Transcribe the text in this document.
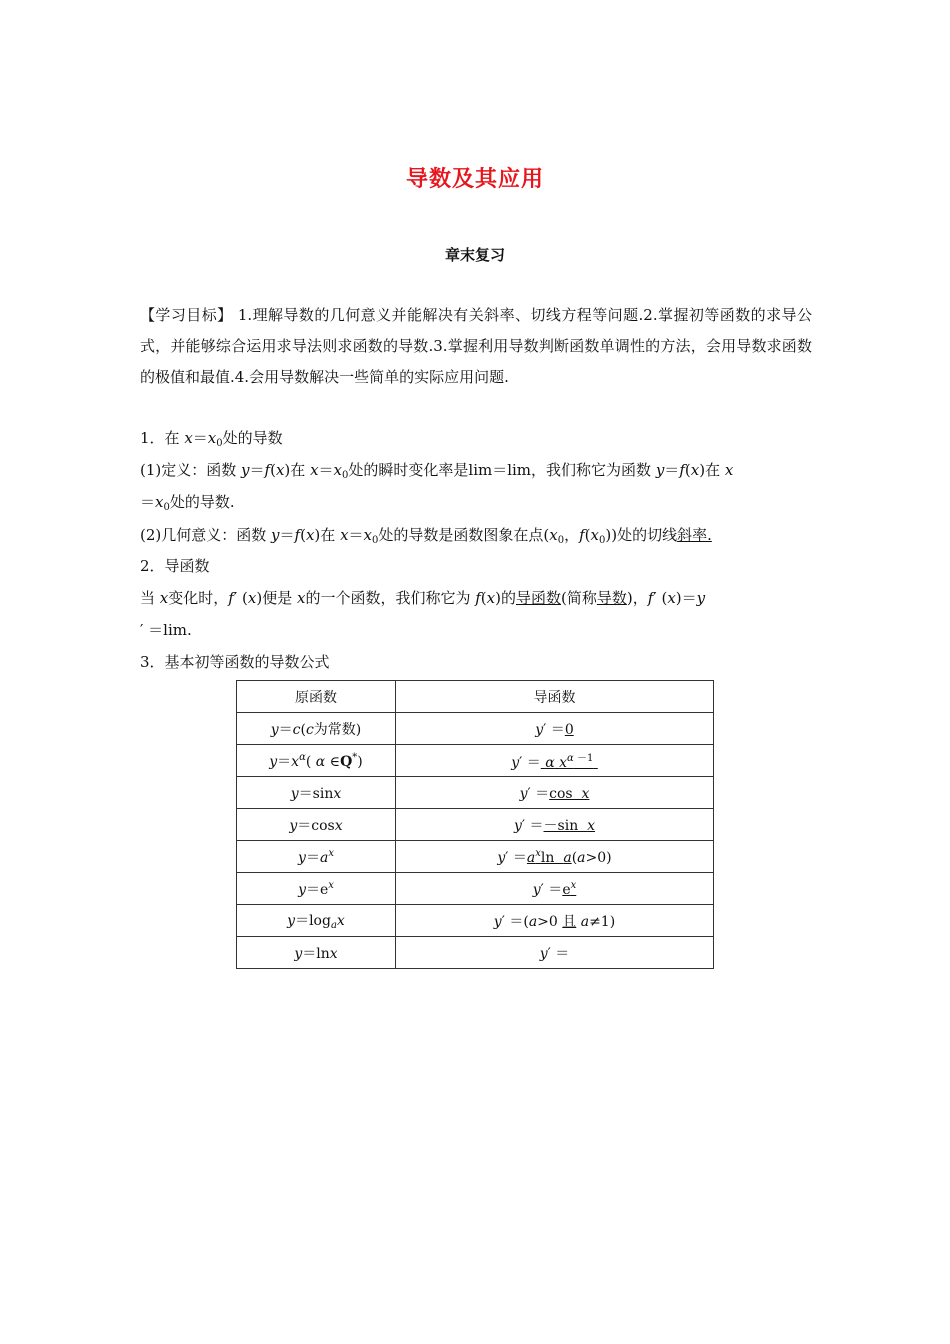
导数及其应用
章末复习
【学习目标】 1.理解导数的几何意义并能解决有关斜率、切线方程等问题.2.掌握初等函数的求导公式，并能够综合运用求导法则求函数的导数.3.掌握利用导数判断函数单调性的方法，会用导数求函数的极值和最值.4.会用导数解决一些简单的实际应用问题.
1．在 $x=x_0$处的导数
(1)定义：函数 y＝f(x)在 $x=x_0$处的瞬时变化率是lim＝lim，我们称它为函数 y＝f(x)在 x
$=x_0$处的导数.
(2)几何意义：函数 y＝f(x)在 $x=x_0$处的导数是函数图象在点($x_0$，$f(x_0)$)处的切线斜率.
2．导函数
当 x变化时，f′ (x)便是 x的一个函数，我们称它为 f(x)的导函数(简称导数)，f′ (x)＝y
′ ＝lim.
3．基本初等函数的导数公式
原函数	导函数
y＝c(c为常数)	y′ ＝0
$y=x^\alpha$( α ∈Q*)	y′ ＝ α $x^{\alpha -1}$
y＝sinx	y′ ＝cos  x
y＝cosx	y′ ＝－sin  x
$y=a^x$	$y' =a^x\ln$  a(a>0)
$y=e^x$	$y' =e^x$
$y=\log_ax$	y′ ＝(a>0 且 a≠1)
y＝lnx	y′ ＝
